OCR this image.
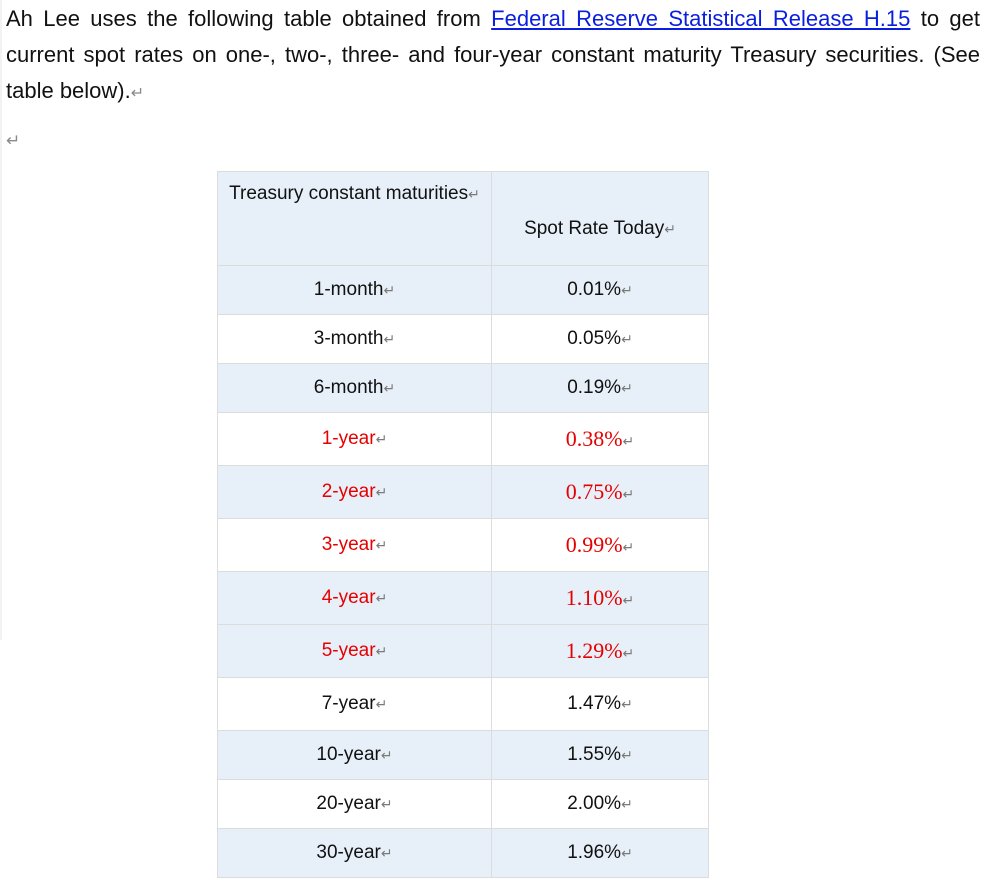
Ah Lee uses the following table obtained from Federal Reserve Statistical Release H.15 to get current spot rates on one-, two-, three- and four-year constant maturity Treasury securities. (See table below).↵

↵
Treasury constant maturities↵	Spot Rate Today↵
1-month↵	0.01%↵
3-month↵	0.05%↵
6-month↵	0.19%↵
1-year↵	0.38%↵
2-year↵	0.75%↵
3-year↵	0.99%↵
4-year↵	1.10%↵
5-year↵	1.29%↵
7-year↵	1.47%↵
10-year↵	1.55%↵
20-year↵	2.00%↵
30-year↵	1.96%↵
